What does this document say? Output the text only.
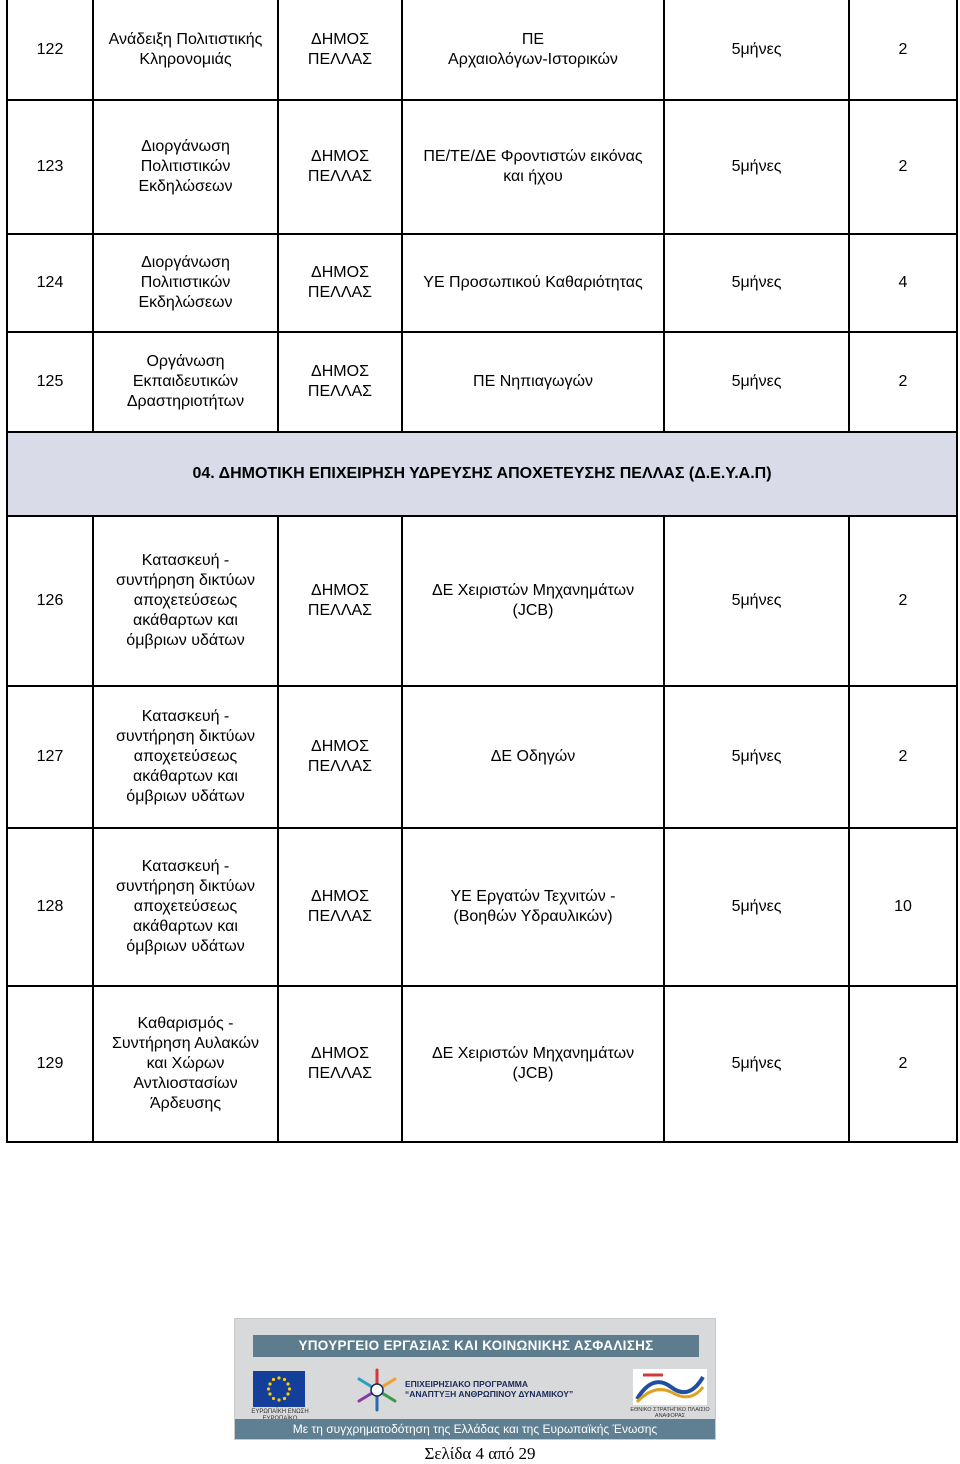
122	Ανάδειξη Πολιτιστικής
Κληρονομιάς	ΔΗΜΟΣ
ΠΕΛΛΑΣ	ΠΕ
Αρχαιολόγων-Ιστορικών	5μήνες	2
123	Διοργάνωση
Πολιτιστικών
Εκδηλώσεων	ΔΗΜΟΣ
ΠΕΛΛΑΣ	ΠΕ/ΤΕ/ΔΕ Φροντιστών εικόνας
και ήχου	5μήνες	2
124	Διοργάνωση
Πολιτιστικών
Εκδηλώσεων	ΔΗΜΟΣ
ΠΕΛΛΑΣ	ΥΕ Προσωπικού Καθαριότητας	5μήνες	4
125	Οργάνωση
Εκπαιδευτικών
Δραστηριοτήτων	ΔΗΜΟΣ
ΠΕΛΛΑΣ	ΠΕ Νηπιαγωγών	5μήνες	2
04. ΔΗΜΟΤΙΚΗ ΕΠΙΧΕΙΡΗΣΗ ΥΔΡΕΥΣΗΣ ΑΠΟΧΕΤΕΥΣΗΣ ΠΕΛΛΑΣ (Δ.Ε.Υ.Α.Π)					
126	Κατασκευή -
συντήρηση δικτύων
αποχετεύσεως
ακάθαρτων και
όμβριων υδάτων	ΔΗΜΟΣ
ΠΕΛΛΑΣ	ΔΕ Χειριστών Μηχανημάτων
(JCB)	5μήνες	2
127	Κατασκευή -
συντήρηση δικτύων
αποχετεύσεως
ακάθαρτων και
όμβριων υδάτων	ΔΗΜΟΣ
ΠΕΛΛΑΣ	ΔΕ Οδηγών	5μήνες	2
128	Κατασκευή -
συντήρηση δικτύων
αποχετεύσεως
ακάθαρτων και
όμβριων υδάτων	ΔΗΜΟΣ
ΠΕΛΛΑΣ	ΥΕ Εργατών Τεχνιτών -
(Βοηθών Υδραυλικών)	5μήνες	10
129	Καθαρισμός -
Συντήρηση Αυλακών
και Χώρων
Αντλιοστασίων
Άρδευσης	ΔΗΜΟΣ
ΠΕΛΛΑΣ	ΔΕ Χειριστών Μηχανημάτων
(JCB)	5μήνες	2
ΥΠΟΥΡΓΕΙΟ ΕΡΓΑΣΙΑΣ ΚΑΙ ΚΟΙΝΩΝΙΚΗΣ ΑΣΦΑΛΙΣΗΣ
ΕΥΡΩΠΑΪΚΗ ΕΝΩΣΗ
ΕΠΙΧΕΙΡΗΣΙΑΚΟ ΠΡΟΓΡΑΜΜΑ
“ΑΝΑΠΤΥΞΗ ΑΝΘΡΩΠΙΝΟΥ ΔΥΝΑΜΙΚΟΥ”
ΕΘΝΙΚΟ ΣΤΡΑΤΗΓΙΚΟ ΠΛΑΙΣΙΟ ΑΝΑΦΟΡΑΣ
Με τη συγχρηματοδότηση της Ελλάδας και της Ευρωπαϊκής Ένωσης
Σελίδα 4 από 29
